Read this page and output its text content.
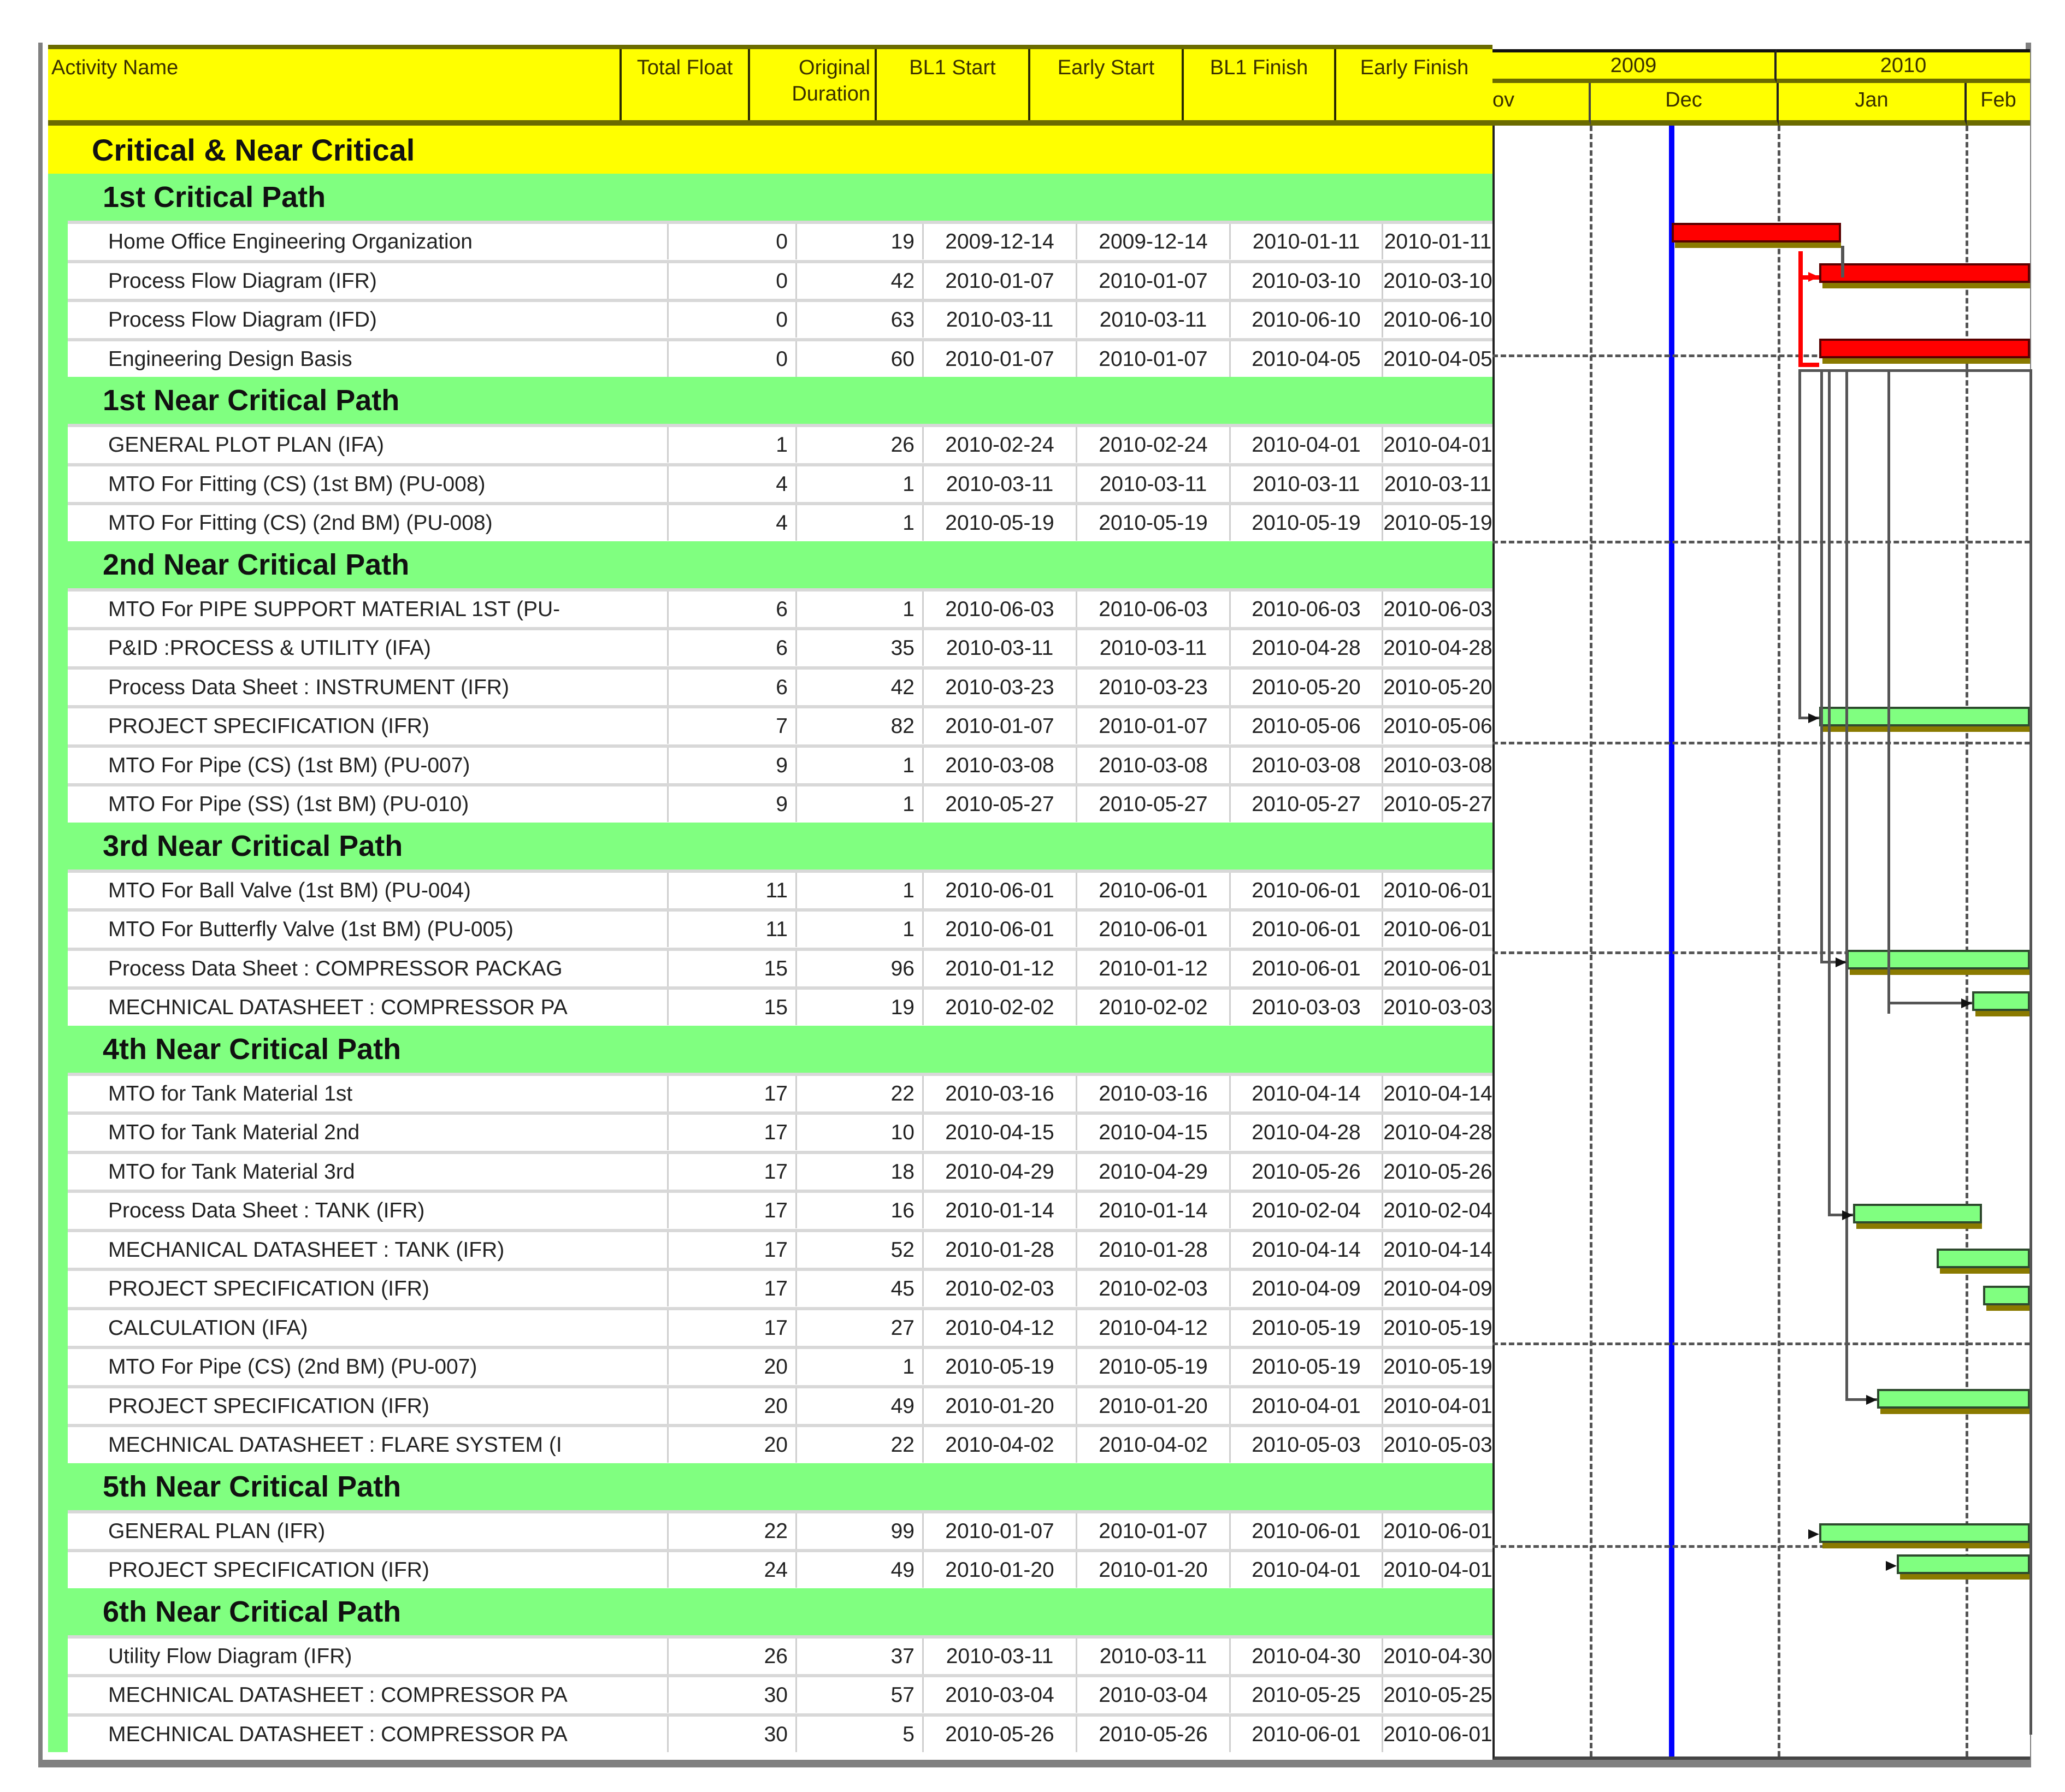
Activity Name	Total Float	Original
Duration
BL1 Start	Early Start	BL1 Finish	Early Finish
Critical & Near Critical
1st Critical Path
Home Office Engineering Organization	0	19	2009-12-14	2009-12-14	2010-01-11	2010-01-11
Process Flow Diagram (IFR)	0	42	2010-01-07	2010-01-07	2010-03-10	2010-03-10
Process Flow Diagram (IFD)	0	63	2010-03-11	2010-03-11	2010-06-10	2010-06-10
Engineering Design Basis	0	60	2010-01-07	2010-01-07	2010-04-05	2010-04-05
1st Near Critical Path
GENERAL PLOT PLAN (IFA)	1	26	2010-02-24	2010-02-24	2010-04-01	2010-04-01
MTO For Fitting (CS) (1st BM) (PU-008)	4	1	2010-03-11	2010-03-11	2010-03-11	2010-03-11
MTO For Fitting (CS) (2nd BM) (PU-008)	4	1	2010-05-19	2010-05-19	2010-05-19	2010-05-19
2nd Near Critical Path
MTO For PIPE SUPPORT MATERIAL 1ST (PU-	6	1	2010-06-03	2010-06-03	2010-06-03	2010-06-03
P&ID :PROCESS & UTILITY (IFA)	6	35	2010-03-11	2010-03-11	2010-04-28	2010-04-28
Process Data Sheet : INSTRUMENT (IFR)	6	42	2010-03-23	2010-03-23	2010-05-20	2010-05-20
PROJECT SPECIFICATION (IFR)	7	82	2010-01-07	2010-01-07	2010-05-06	2010-05-06
MTO For Pipe (CS) (1st BM) (PU-007)	9	1	2010-03-08	2010-03-08	2010-03-08	2010-03-08
MTO For Pipe (SS) (1st BM) (PU-010)	9	1	2010-05-27	2010-05-27	2010-05-27	2010-05-27
3rd Near Critical Path
MTO For Ball Valve (1st BM) (PU-004)	11	1	2010-06-01	2010-06-01	2010-06-01	2010-06-01
MTO For Butterfly Valve (1st BM) (PU-005)	11	1	2010-06-01	2010-06-01	2010-06-01	2010-06-01
Process Data Sheet : COMPRESSOR PACKAG	15	96	2010-01-12	2010-01-12	2010-06-01	2010-06-01
MECHNICAL DATASHEET : COMPRESSOR PA	15	19	2010-02-02	2010-02-02	2010-03-03	2010-03-03
4th Near Critical Path
MTO for Tank Material 1st	17	22	2010-03-16	2010-03-16	2010-04-14	2010-04-14
MTO for Tank Material 2nd	17	10	2010-04-15	2010-04-15	2010-04-28	2010-04-28
MTO for Tank Material 3rd	17	18	2010-04-29	2010-04-29	2010-05-26	2010-05-26
Process Data Sheet : TANK (IFR)	17	16	2010-01-14	2010-01-14	2010-02-04	2010-02-04
MECHANICAL DATASHEET : TANK (IFR)	17	52	2010-01-28	2010-01-28	2010-04-14	2010-04-14
PROJECT SPECIFICATION (IFR)	17	45	2010-02-03	2010-02-03	2010-04-09	2010-04-09
CALCULATION (IFA)	17	27	2010-04-12	2010-04-12	2010-05-19	2010-05-19
MTO For Pipe (CS) (2nd BM) (PU-007)	20	1	2010-05-19	2010-05-19	2010-05-19	2010-05-19
PROJECT SPECIFICATION (IFR)	20	49	2010-01-20	2010-01-20	2010-04-01	2010-04-01
MECHNICAL DATASHEET : FLARE SYSTEM (I	20	22	2010-04-02	2010-04-02	2010-05-03	2010-05-03
5th Near Critical Path
GENERAL PLAN (IFR)	22	99	2010-01-07	2010-01-07	2010-06-01	2010-06-01
PROJECT SPECIFICATION (IFR)	24	49	2010-01-20	2010-01-20	2010-04-01	2010-04-01
6th Near Critical Path
Utility Flow Diagram (IFR)	26	37	2010-03-11	2010-03-11	2010-04-30	2010-04-30
MECHNICAL DATASHEET : COMPRESSOR PA	30	57	2010-03-04	2010-03-04	2010-05-25	2010-05-25
MECHNICAL DATASHEET : COMPRESSOR PA	30	5	2010-05-26	2010-05-26	2010-06-01	2010-06-01
2009	2010
ov	Dec	Jan	Feb
